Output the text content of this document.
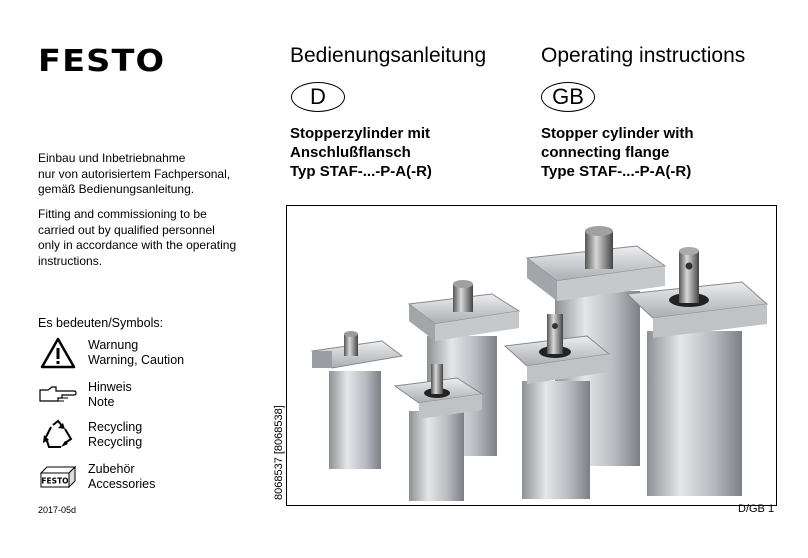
FESTO	Bedienungsanleitung	Operating instructions
D	GB
Stopperzylinder mit
Anschlußflansch
Typ STAF-...-P-A(-R)
Stopper cylinder with
connecting flange
Type STAF-...-P-A(-R)
Einbau und Inbetriebnahme
nur von autorisiertem Fachpersonal,
gemäß Bedienungsanleitung.
Fitting and commissioning to be
carried out by qualified personnel
only in accordance with the operating
instructions.
Es bedeuten/Symbols:
Warnung
Warning, Caution
Hinweis
Note
Recycling
Recycling
FESTO
Zubehör
Accessories	8068537 [8068538]
2017-05d	D/GB 1
